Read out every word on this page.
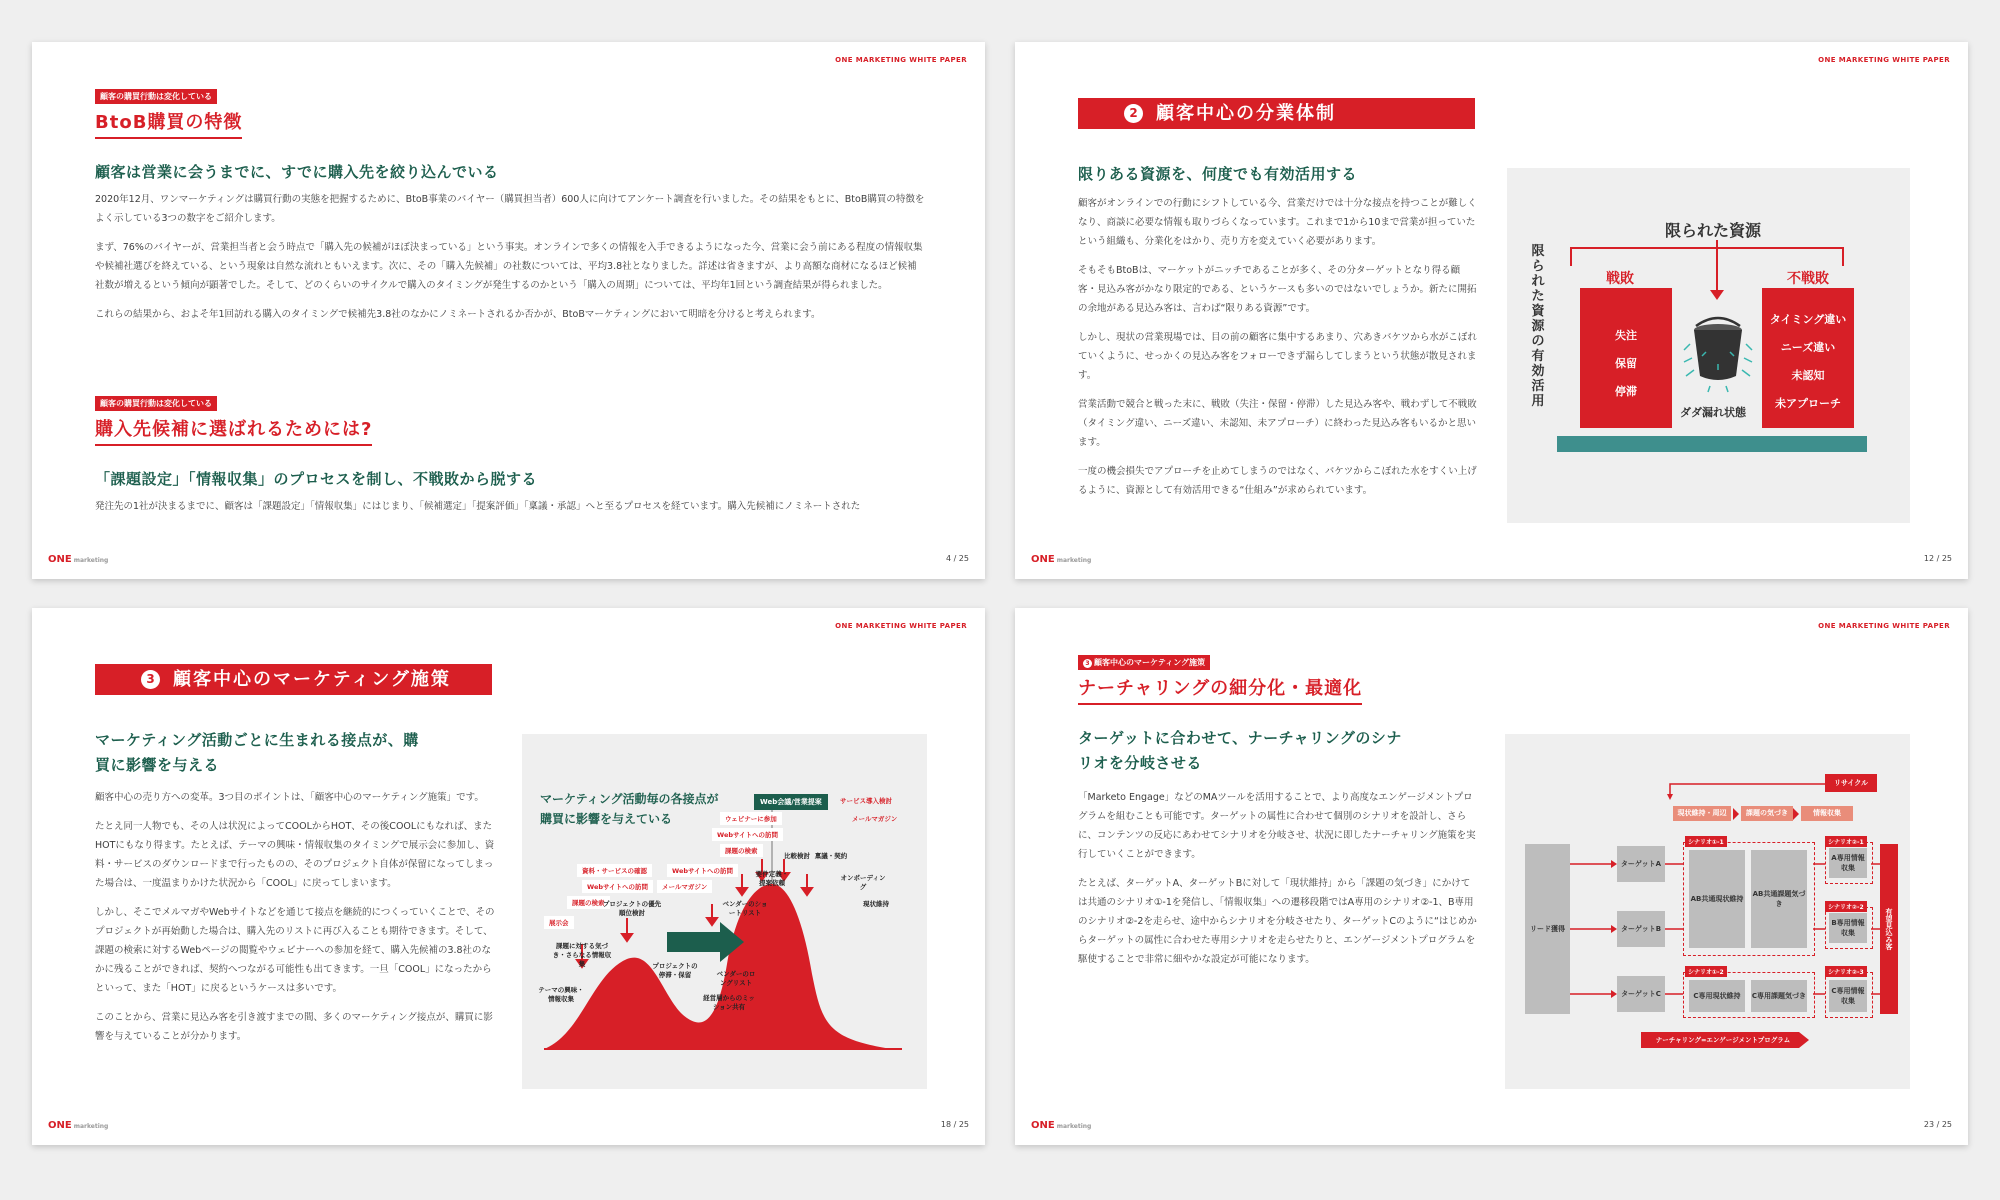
ONE MARKETING WHITE PAPER
顧客の購買行動は変化している
BtoB購買の特徴
顧客は営業に会うまでに、すでに購入先を絞り込んでいる

2020年12月、ワンマーケティングは購買行動の実態を把握するために、BtoB事業のバイヤー（購買担当者）600人に向けてアンケート調査を行いました。その結果をもとに、BtoB購買の特徴をよく示している3つの数字をご紹介します。

まず、76%のバイヤーが、営業担当者と会う時点で「購入先の候補がほぼ決まっている」という事実。オンラインで多くの情報を入手できるようになった今、営業に会う前にある程度の情報収集や候補社選びを終えている、という現象は自然な流れともいえます。次に、その「購入先候補」の社数については、平均3.8社となりました。詳述は省きますが、より高額な商材になるほど候補社数が増えるという傾向が顕著でした。そして、どのくらいのサイクルで購入のタイミングが発生するのかという「購入の周期」については、平均年1回という調査結果が得られました。

これらの結果から、およそ年1回訪れる購入のタイミングで候補先3.8社のなかにノミネートされるか否かが、BtoBマーケティングにおいて明暗を分けると考えられます。

顧客の購買行動は変化している
購入先候補に選ばれるためには?
「課題設定」「情報収集」のプロセスを制し、不戦敗から脱する
発注先の1社が決まるまでに、顧客は「課題設定」「情報収集」にはじまり、「候補選定」「提案評価」「稟議・承認」へと至るプロセスを経ています。購入先候補にノミネートされた
ONE marketing	4 / 25
ONE MARKETING WHITE PAPER
2 顧客中心の分業体制
限りある資源を、何度でも有効活用する

顧客がオンラインでの行動にシフトしている今、営業だけでは十分な接点を持つことが難しくなり、商談に必要な情報も取りづらくなっています。これまで1から10まで営業が担っていたという組織も、分業化をはかり、売り方を変えていく必要があります。

そもそもBtoBは、マーケットがニッチであることが多く、その分ターゲットとなり得る顧客・見込み客がかなり限定的である、というケースも多いのではないでしょうか。新たに開拓の余地がある見込み客は、言わば“限りある資源”です。

しかし、現状の営業現場では、目の前の顧客に集中するあまり、穴あきバケツから水がこぼれていくように、せっかくの見込み客をフォローできず漏らしてしまうという状態が散見されます。

営業活動で競合と戦った末に、戦敗（失注・保留・停滞）した見込み客や、戦わずして不戦敗（タイミング違い、ニーズ違い、未認知、未アプローチ）に終わった見込み客もいるかと思います。

一度の機会損失でアプローチを止めてしまうのではなく、バケツからこぼれた水をすくい上げるように、資源として有効活用できる“仕組み”が求められています。

限られた資源
限られた資源の有効活用
戦敗
失注
保留
停滞
不戦敗
タイミング違い
ニーズ違い
未認知
未アプローチ
ダダ漏れ状態
ONE marketing	12 / 25
ONE MARKETING WHITE PAPER
3 顧客中心のマーケティング施策
マーケティング活動ごとに生まれる接点が、購買に影響を与える

顧客中心の売り方への変革。3つ目のポイントは、「顧客中心のマーケティング施策」です。

たとえ同一人物でも、その人は状況によってCOOLからHOT、その後COOLにもなれば、またHOTにもなり得ます。たとえば、テーマの興味・情報収集のタイミングで展示会に参加し、資料・サービスのダウンロードまで行ったものの、そのプロジェクト自体が保留になってしまった場合は、一度温まりかけた状況から「COOL」に戻ってしまいます。

しかし、そこでメルマガやWebサイトなどを通じて接点を継続的につくっていくことで、そのプロジェクトが再始動した場合は、購入先のリストに再び入ることも期待できます。そして、課題の検索に対するWebページの閲覧やウェビナーへの参加を経て、購入先候補の3.8社のなかに残ることができれば、契約へつながる可能性も出てきます。一旦「COOL」になったからといって、また「HOT」に戻るというケースは多いです。

このことから、営業に見込み客を引き渡すまでの間、多くのマーケティング接点が、購買に影響を与えていることが分かります。

マーケティング活動毎の各接点が購買に影響を与えている
Web会議/営業提案	サービス導入検討
メールマガジン
ウェビナーに参加
Webサイトへの訪問
課題の検索
資料・サービスの確認	Webサイトへの訪問
Webサイトへの訪問	メールマガジン
課題の検索
展示会
プロジェクトの優先順位検討
課題に対する気づき・さらなる情報収集
テーマの興味・情報収集
プロジェクトの停滞・保留	ベンダーのロングリスト
ベンダーのショートリスト
要件定義・提案依頼
比較検討 稟議・契約
オンボーディング
現状維持
経営層からのミッション共有
ONE marketing	18 / 25
ONE MARKETING WHITE PAPER
3 顧客中心のマーケティング施策
ナーチャリングの細分化・最適化
ターゲットに合わせて、ナーチャリングのシナリオを分岐させる

「Marketo Engage」などのMAツールを活用することで、より高度なエンゲージメントプログラムを組むことも可能です。ターゲットの属性に合わせて個別のシナリオを設計し、さらに、コンテンツの反応にあわせてシナリオを分岐させ、状況に即したナーチャリング施策を実行していくことができます。

たとえば、ターゲットA、ターゲットBに対して「現状維持」から「課題の気づき」にかけては共通のシナリオ①-1を発信し、「情報収集」への遷移段階ではA専用のシナリオ②-1、B専用のシナリオ②-2を走らせ、途中からシナリオを分岐させたり、ターゲットCのように“はじめからターゲットの属性に合わせた専用シナリオを走らせたりと、エンゲージメントプログラムを駆使することで非常に細やかな設定が可能になります。

リサイクル
現状維持・周辺	課題の気づき	情報収集
リード獲得
ターゲットA
ターゲットB
ターゲットC
シナリオ①-1
AB共通現状維持
AB共通課題気づき
シナリオ②-1
A専用情報収集
シナリオ②-2
B専用情報収集
シナリオ①-2
C専用現状維持	C専用課題気づき
シナリオ②-3
C専用情報収集
有望見込み客
ナーチャリング=エンゲージメントプログラム
ONE marketing	23 / 25
